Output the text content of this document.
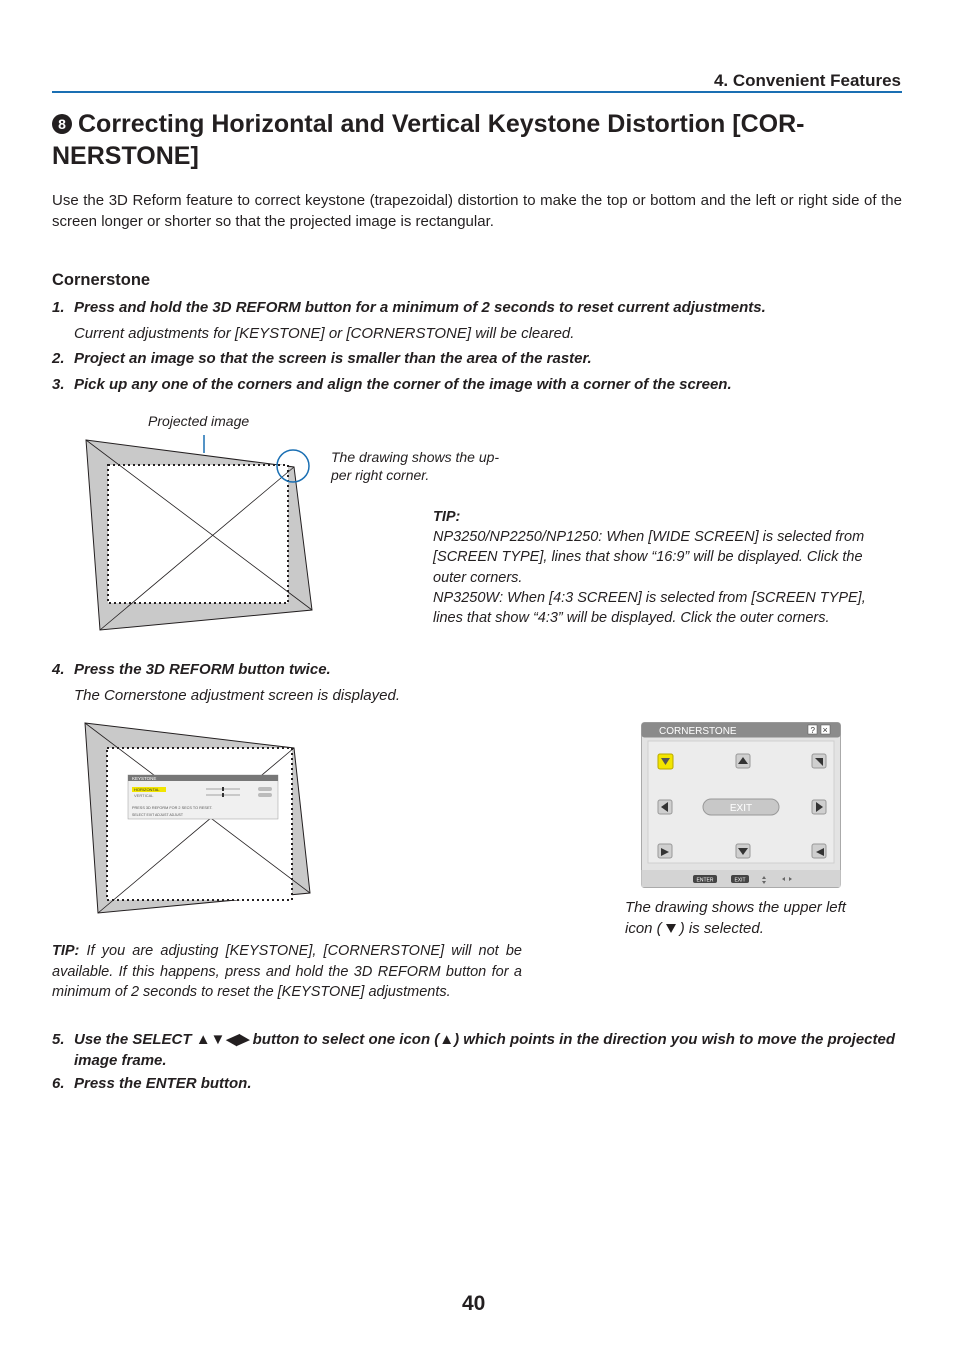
4. Convenient Features
8 Correcting Horizontal and Vertical Keystone Distortion [COR-NERSTONE]
Use the 3D Reform feature to correct keystone (trapezoidal) distortion to make the top or bottom and the left or right side of the screen longer or shorter so that the projected image is rectangular.
Cornerstone
1. Press and hold the 3D REFORM button for a minimum of 2 seconds to reset current adjustments.
Current adjustments for [KEYSTONE] or [CORNERSTONE] will be cleared.
2. Project an image so that the screen is smaller than the area of the raster.
3. Pick up any one of the corners and align the corner of the image with a corner of the screen.
Projected image
The drawing shows the up-
per right corner.
TIP:
NP3250/NP2250/NP1250: When [WIDE SCREEN] is selected from
[SCREEN TYPE], lines that show “16:9” will be displayed. Click the
outer corners.
NP3250W: When [4:3 SCREEN] is selected from [SCREEN TYPE],
lines that show “4:3” will be displayed. Click the outer corners.
4. Press the 3D REFORM button twice.
The Cornerstone adjustment screen is displayed.
KEYSTONE
HORIZONTAL
VERTICAL
PRESS 3D REFORM FOR 2 SECS TO RESET.
SELECT EXIT ADJUST ADJUST
CORNERSTONE	? ×
EXIT
ENTER	EXIT
The drawing shows the upper left
icon ( ) is selected.
TIP: If you are adjusting [KEYSTONE], [CORNERSTONE] will not be available. If this happens, press and hold the 3D REFORM button for a minimum of 2 seconds to reset the [KEYSTONE] adjustments.
5. Use the SELECT ▲▼◀▶ button to select one icon (▲) which points in the direction you wish to move the projected image frame.
6. Press the ENTER button.
40
